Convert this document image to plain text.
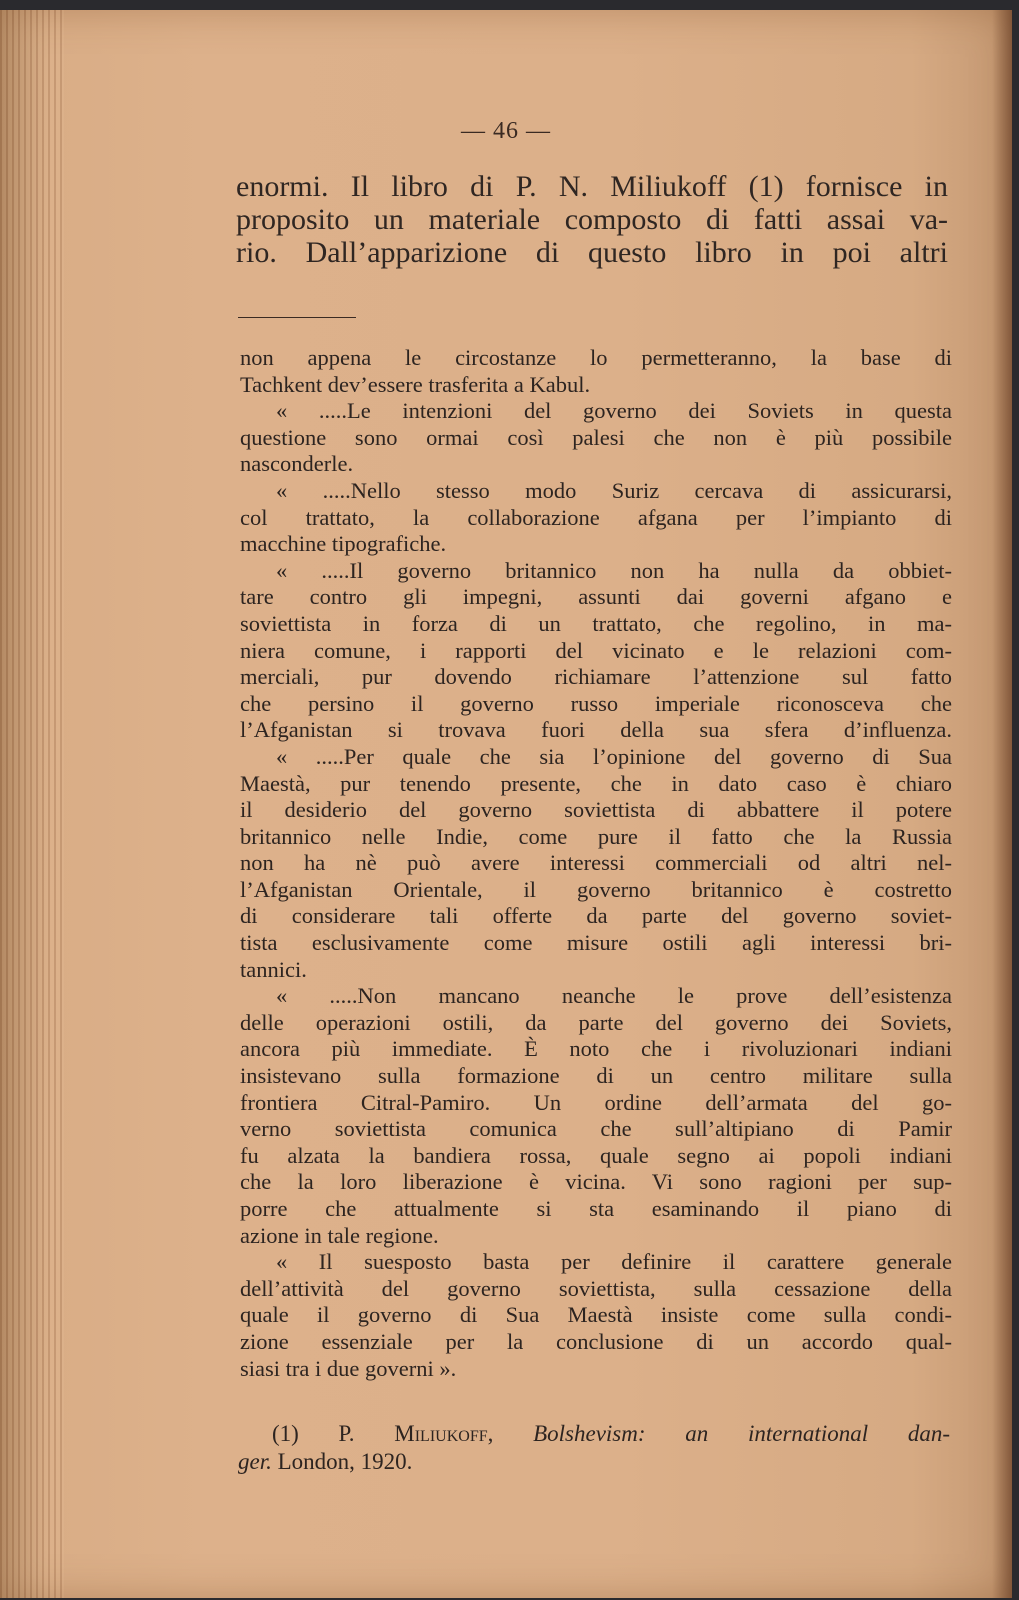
— 46 —
enormi. Il libro di P. N. Miliukoff (1) fornisce in
proposito un materiale composto di fatti assai va-
rio. Dall’apparizione di questo libro in poi altri
non appena le circostanze lo permetteranno, la base di
Tachkent dev’essere trasferita a Kabul.
« .....Le intenzioni del governo dei Soviets in questa
questione sono ormai così palesi che non è più possibile
nasconderle.
« .....Nello stesso modo Suriz cercava di assicurarsi,
col trattato, la collaborazione afgana per l’impianto di
macchine tipografiche.
« .....Il governo britannico non ha nulla da obbiet-
tare contro gli impegni, assunti dai governi afgano e
soviettista in forza di un trattato, che regolino, in ma-
niera comune, i rapporti del vicinato e le relazioni com-
merciali, pur dovendo richiamare l’attenzione sul fatto
che persino il governo russo imperiale riconosceva che
l’Afganistan si trovava fuori della sua sfera d’influenza.
« .....Per quale che sia l’opinione del governo di Sua
Maestà, pur tenendo presente, che in dato caso è chiaro
il desiderio del governo soviettista di abbattere il potere
britannico nelle Indie, come pure il fatto che la Russia
non ha nè può avere interessi commerciali od altri nel-
l’Afganistan Orientale, il governo britannico è costretto
di considerare tali offerte da parte del governo soviet-
tista esclusivamente come misure ostili agli interessi bri-
tannici.
« .....Non mancano neanche le prove dell’esistenza
delle operazioni ostili, da parte del governo dei Soviets,
ancora più immediate. È noto che i rivoluzionari indiani
insistevano sulla formazione di un centro militare sulla
frontiera Citral-Pamiro. Un ordine dell’armata del go-
verno soviettista comunica che sull’altipiano di Pamir
fu alzata la bandiera rossa, quale segno ai popoli indiani
che la loro liberazione è vicina. Vi sono ragioni per sup-
porre che attualmente si sta esaminando il piano di
azione in tale regione.
« Il suesposto basta per definire il carattere generale
dell’attività del governo soviettista, sulla cessazione della
quale il governo di Sua Maestà insiste come sulla condi-
zione essenziale per la conclusione di un accordo qual-
siasi tra i due governi ».
(1) P. Miliukoff, Bolshevism: an international dan-
ger. London, 1920.
